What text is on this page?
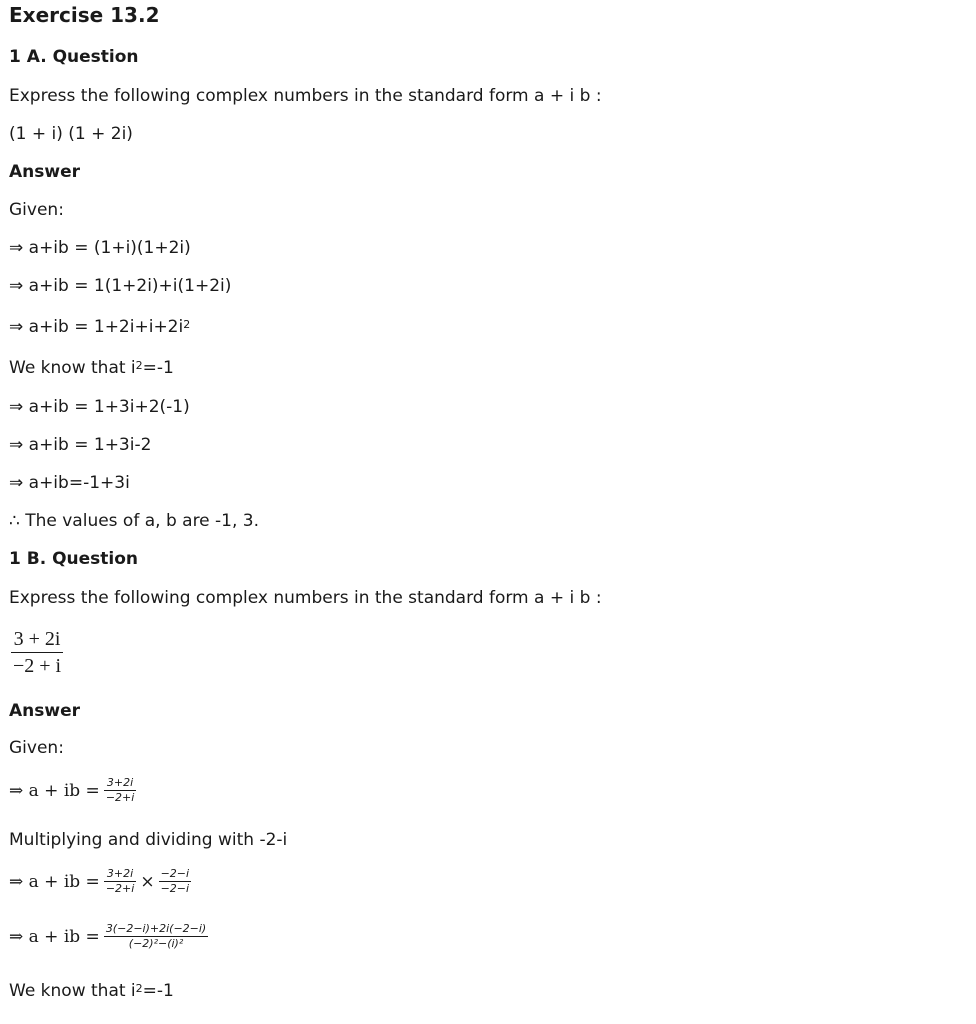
Exercise 13.2
1 A. Question
Express the following complex numbers in the standard form a + i b :
(1 + i) (1 + 2i)
Answer
Given:
⇒ a+ib = (1+i)(1+2i)
⇒ a+ib = 1(1+2i)+i(1+2i)
⇒ $a+ib = 1+2i+i+2i^2$
We know that $i^2=-1$
⇒ a+ib = 1+3i+2(-1)
⇒ a+ib = 1+3i-2
⇒ a+ib=-1+3i
∴ The values of a, b are -1, 3.
1 B. Question
Express the following complex numbers in the standard form a + i b :
3 + 2i
−2 + i
Answer
Given:
⇒ a + ib = $\frac{3+2i}{-2+i}$
Multiplying and dividing with -2-i
⇒ a + ib = $\frac{3+2i}{-2+i} \times \frac{-2-i}{-2-i}$
⇒ a + ib = $\frac{3(-2-i)+2i(-2-i)}{\text{(−2)²−(i)²}}$
We know that $i^2=-1$
